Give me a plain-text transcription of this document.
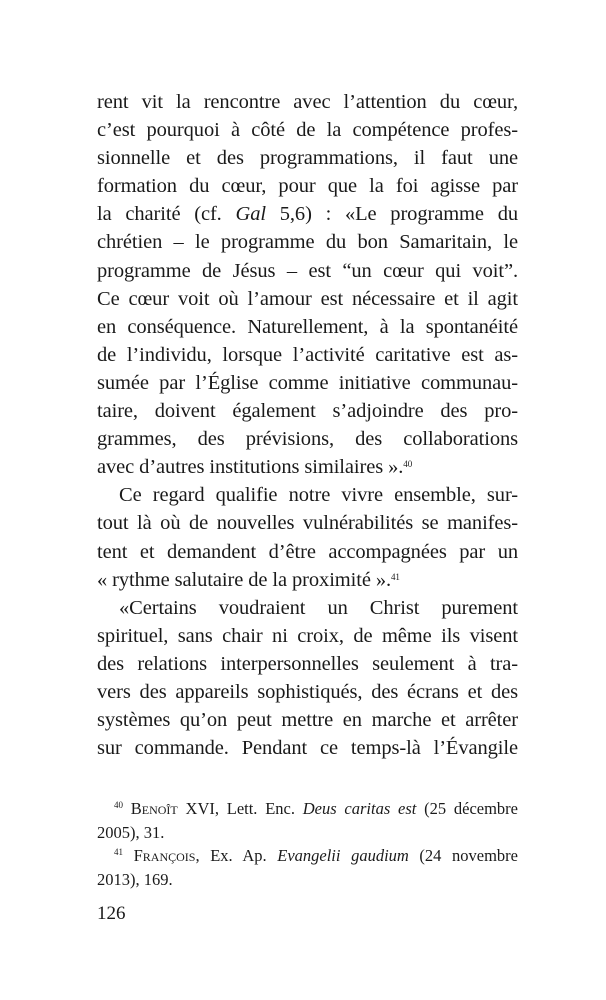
rent vit la rencontre avec l’attention du cœur,
c’est pourquoi à côté de la compétence profes-
sionnelle et des programmations, il faut une
formation du cœur, pour que la foi agisse par
la charité (cf. Gal 5,6) : «Le programme du
chrétien – le programme du bon Samaritain, le
programme de Jésus – est “un cœur qui voit”.
Ce cœur voit où l’amour est nécessaire et il agit
en conséquence. Naturellement, à la spontanéité
de l’individu, lorsque l’activité caritative est as-
sumée par l’Église comme initiative communau-
taire, doivent également s’adjoindre des pro-
grammes, des prévisions, des collaborations
avec d’autres institutions similaires ».$^{40}$
Ce regard qualifie notre vivre ensemble, sur-
tout là où de nouvelles vulnérabilités se manifes-
tent et demandent d’être accompagnées par un
« rythme salutaire de la proximité ».$^{41}$
«Certains voudraient un Christ purement
spirituel, sans chair ni croix, de même ils visent
des relations interpersonnelles seulement à tra-
vers des appareils sophistiqués, des écrans et des
systèmes qu’on peut mettre en marche et arrêter
sur commande. Pendant ce temps-là l’Évangile
$^{40}$ Benoît XVI, Lett. Enc. Deus caritas est (25 décembre
2005), 31.
$^{41}$ François, Ex. Ap. Evangelii gaudium (24 novembre
2013), 169.
126
